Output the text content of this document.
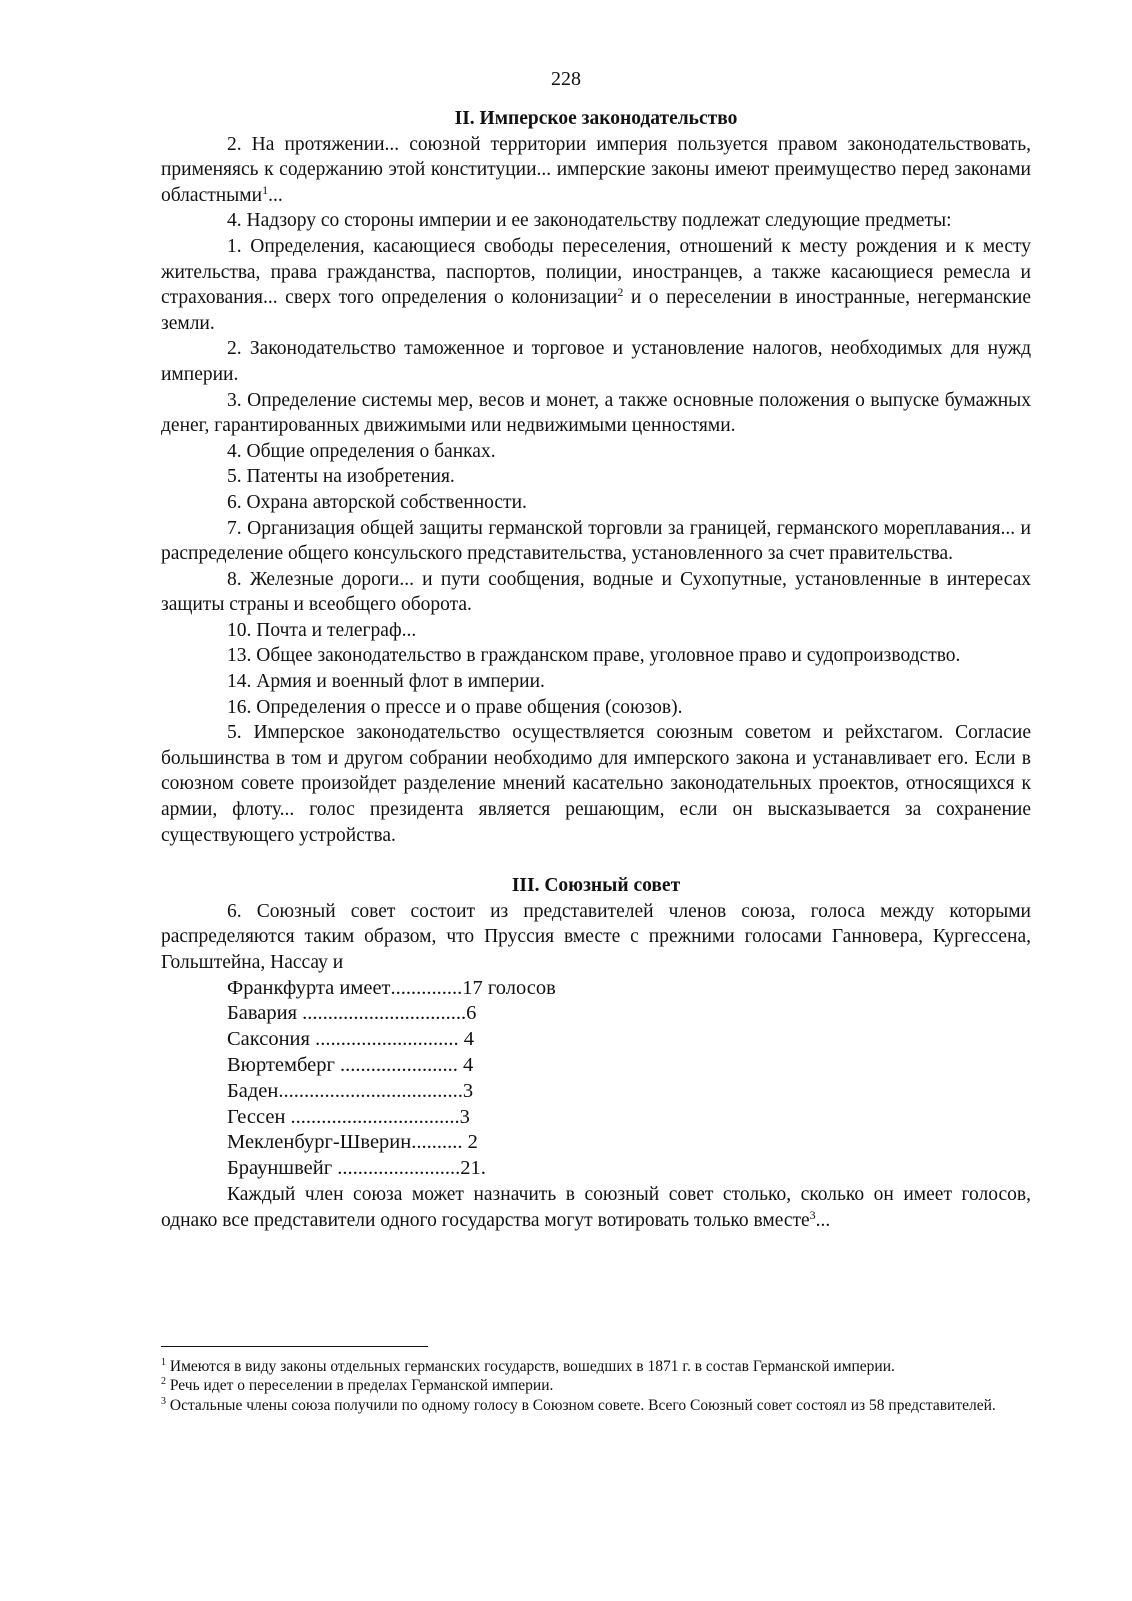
228
II. Имперское законодательство

2. На протяжении... союзной территории империя пользуется правом законодательствовать, применяясь к содержанию этой конституции... имперские законы имеют преимущество перед законами областными$^1$...

4. Надзору со стороны империи и ее законодательству подлежат следующие предметы:

1. Определения, касающиеся свободы переселения, отношений к месту рождения и к месту жительства, права гражданства, паспортов, полиции, иностранцев, а также касающиеся ремесла и страхования... сверх того определения о колонизации$^2$ и о переселении в иностранные, негерманские земли.

2. Законодательство таможенное и торговое и установление налогов, необходимых для нужд империи.

3. Определение системы мер, весов и монет, а также основные положения о выпуске бумажных денег, гарантированных движимыми или недвижимыми ценностями.

4. Общие определения о банках.

5. Патенты на изобретения.

6. Охрана авторской собственности.

7. Организация общей защиты германской торговли за границей, германского мореплавания... и распределение общего консульского представительства, установленного за счет правительства.

8. Железные дороги... и пути сообщения, водные и Сухопутные, установленные в интересах защиты страны и всеобщего оборота.

10. Почта и телеграф...

13. Общее законодательство в гражданском праве, уголовное право и судопроизводство.

14. Армия и военный флот в империи.

16. Определения о прессе и о праве общения (союзов).

5. Имперское законодательство осуществляется союзным советом и рейхстагом. Согласие большинства в том и другом собрании необходимо для имперского закона и устанавливает его. Если в союзном совете произойдет разделение мнений касательно законодательных проектов, относящихся к армии, флоту... голос президента является решающим, если он высказывается за сохранение существующего устройства.

III. Союзный совет

6. Союзный совет состоит из представителей членов союза, голоса между которыми распределяются таким образом, что Пруссия вместе с прежними голосами Ганновера, Кургессена, Гольштейна, Нассау и

Франкфурта имеет .............. 17 голосов
Бавария ................................ 6
Саксония ............................ 4
Вюртемберг ....................... 4
Баден .................................... 3
Гессен ................................. 3
Мекленбург-Шверин .......... 2
Брауншвейг ........................ 21.

Каждый член союза может назначить в союзный совет столько, сколько он имеет голосов, однако все представители одного государства могут вотировать только вместе$^3$...

$^1$ Имеются в виду законы отдельных германских государств, вошедших в 1871 г. в состав Германской империи.

$^2$ Речь идет о переселении в пределах Германской империи.

$^3$ Остальные члены союза получили по одному голосу в Союзном совете. Всего Союзный совет состоял из 58 представителей.
